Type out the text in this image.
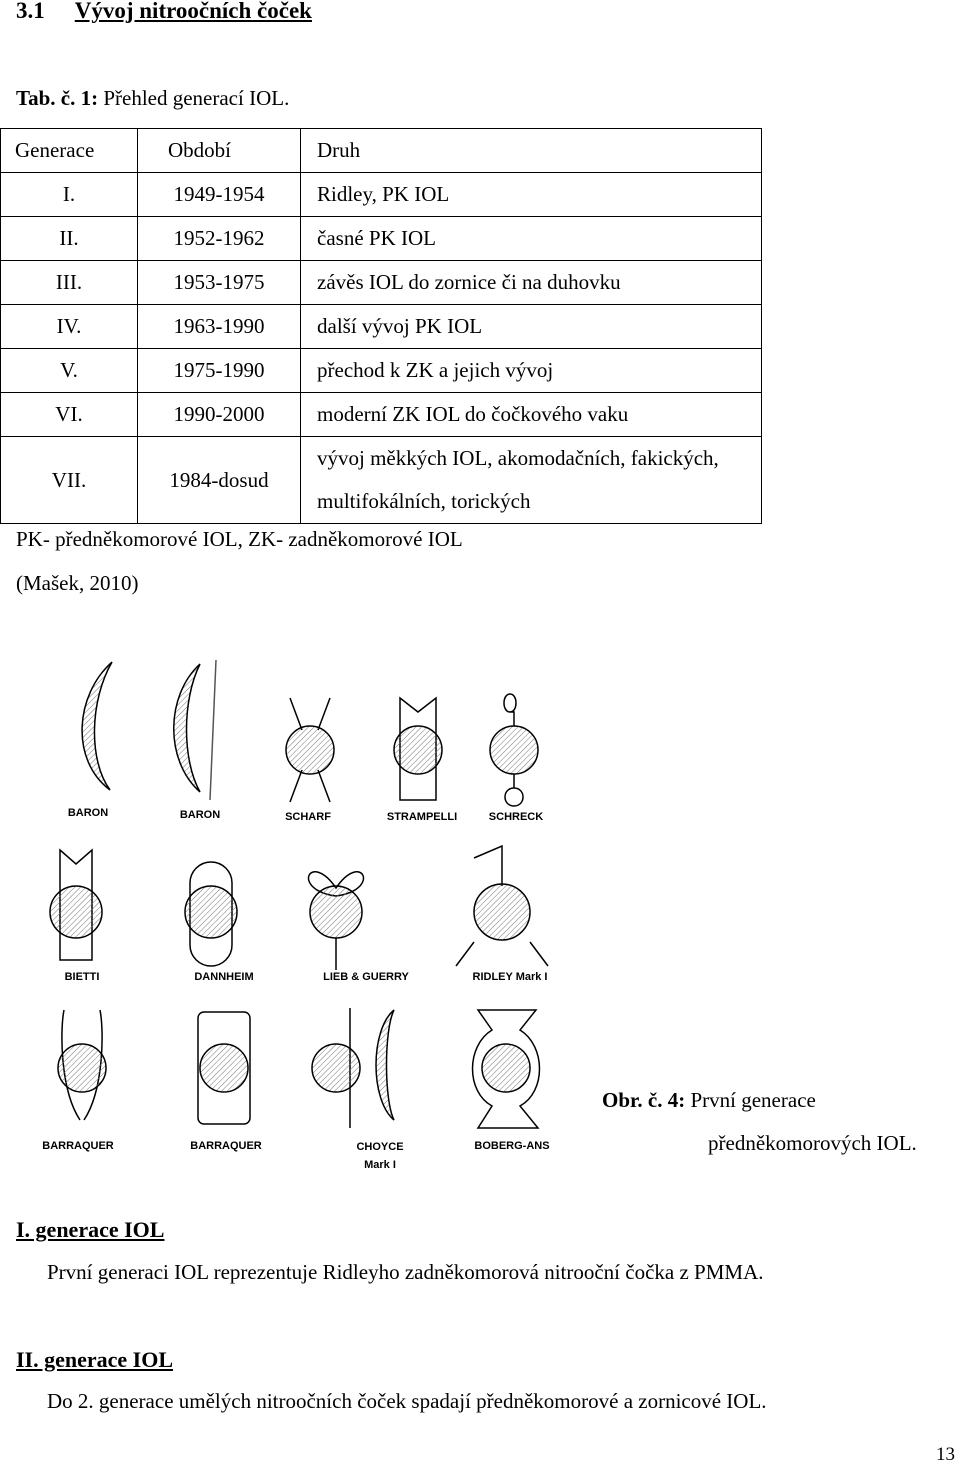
3.1 Vývoj nitroočních čoček
Tab. č. 1: Přehled generací IOL.
Generace	Období	Druh
I.	1949-1954	Ridley, PK IOL
II.	1952-1962	časné PK IOL
III.	1953-1975	závěs IOL do zornice či na duhovku
IV.	1963-1990	další vývoj PK IOL
V.	1975-1990	přechod k ZK a jejich vývoj
VI.	1990-2000	moderní ZK IOL do čočkového vaku
VII.	1984-dosud	vývoj měkkých IOL, akomodačních, fakických,
multifokálních, torických
PK- předněkomorové IOL, ZK- zadněkomorové IOL
(Mašek, 2010)
BARON	BARON	SCHARF	STRAMPELLI	SCHRECK
BIETTI	DANNHEIM	LIEB & GUERRY	RIDLEY Mark I
BARRAQUER	BARRAQUER	CHOYCE
Mark I
BOBERG-ANS
Obr. č. 4: První generace
předněkomorových IOL.
I. generace IOL
První generaci IOL reprezentuje Ridleyho zadněkomorová nitrooční čočka z PMMA.
II. generace IOL
Do 2. generace umělých nitroočních čoček spadají předněkomorové a zornicové IOL.
13
